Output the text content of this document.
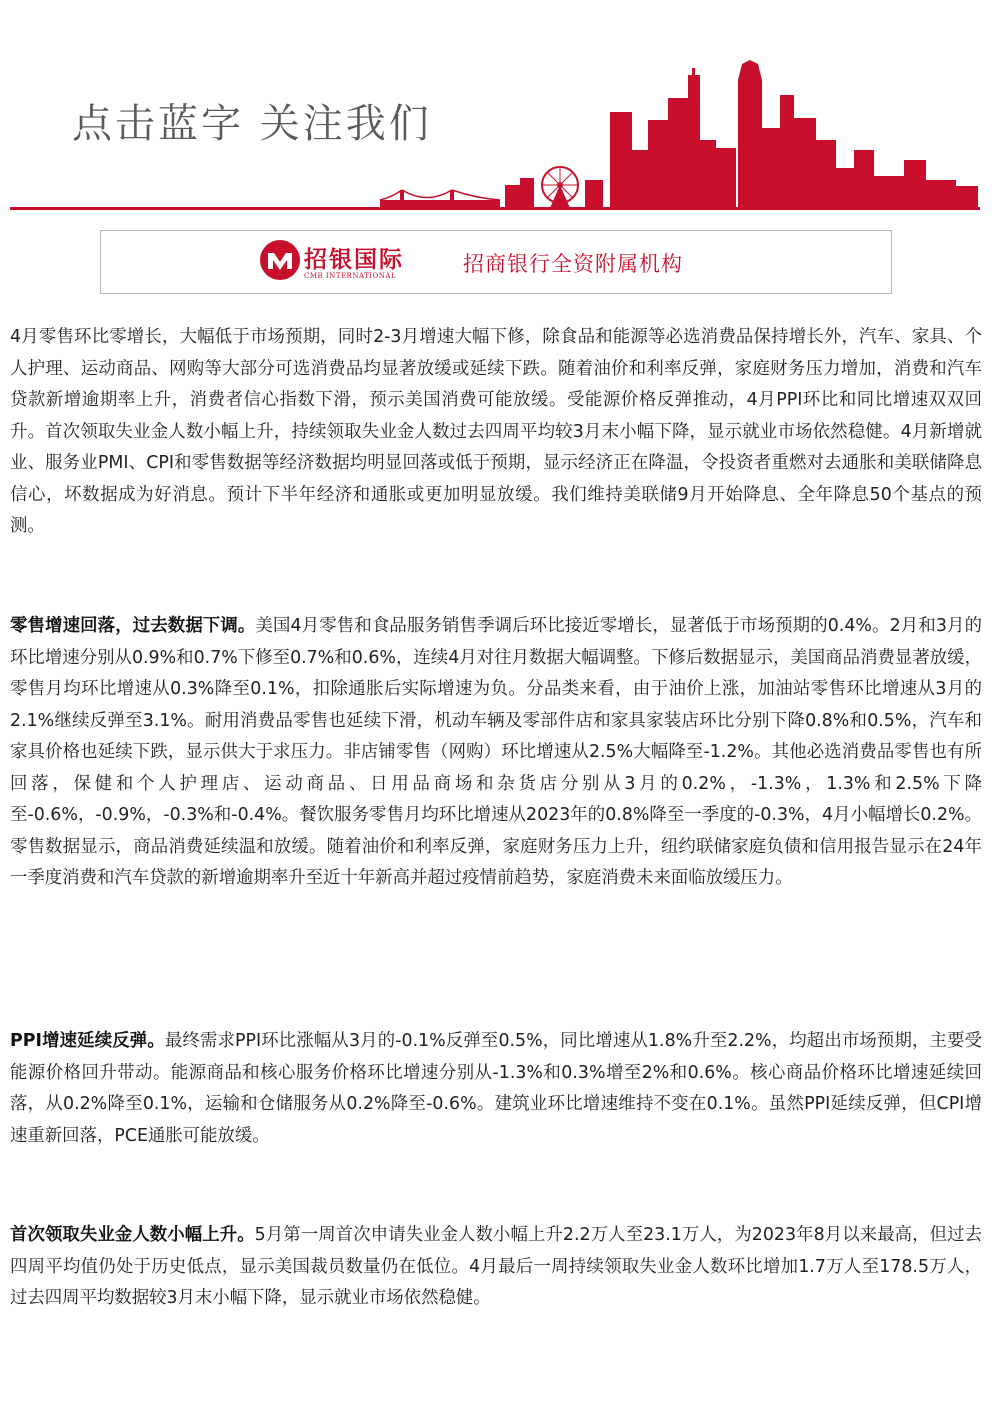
点击蓝字 关注我们
招银国际
CMB INTERNATIONAL	招商银行全资附属机构

4月零售环比零增长，大幅低于市场预期，同时2-3月增速大幅下修，除食品和能源等必选消费品保持增长外，汽车、家具、个人护理、运动商品、网购等大部分可选消费品均显著放缓或延续下跌。随着油价和利率反弹，家庭财务压力增加，消费和汽车贷款新增逾期率上升，消费者信心指数下滑，预示美国消费可能放缓。受能源价格反弹推动，4月PPI环比和同比增速双双回升。首次领取失业金人数小幅上升，持续领取失业金人数过去四周平均较3月末小幅下降，显示就业市场依然稳健。4月新增就业、服务业PMI、CPI和零售数据等经济数据均明显回落或低于预期，显示经济正在降温，令投资者重燃对去通胀和美联储降息信心，坏数据成为好消息。预计下半年经济和通胀或更加明显放缓。我们维持美联储9月开始降息、全年降息50个基点的预测。

零售增速回落，过去数据下调。美国4月零售和食品服务销售季调后环比接近零增长，显著低于市场预期的0.4%。2月和3月的环比增速分别从0.9%和0.7%下修至0.7%和0.6%，连续4月对往月数据大幅调整。下修后数据显示，美国商品消费显著放缓，零售月均环比增速从0.3%降至0.1%，扣除通胀后实际增速为负。分品类来看，由于油价上涨，加油站零售环比增速从3月的2.1%继续反弹至3.1%。耐用消费品零售也延续下滑，机动车辆及零部件店和家具家装店环比分别下降0.8%和0.5%，汽车和家具价格也延续下跌，显示供大于求压力。非店铺零售（网购）环比增速从2.5%大幅降至-1.2%。其他必选消费品零售也有所回落，保健和个人护理店、运动商品、日用品商场和杂货店分别从3月的0.2%，-1.3%，1.3%和2.5%下降至-0.6%，-0.9%，-0.3%和-0.4%。餐饮服务零售月均环比增速从2023年的0.8%降至一季度的-0.3%，4月小幅增长0.2%。零售数据显示，商品消费延续温和放缓。随着油价和利率反弹，家庭财务压力上升，纽约联储家庭负债和信用报告显示在24年一季度消费和汽车贷款的新增逾期率升至近十年新高并超过疫情前趋势，家庭消费未来面临放缓压力。

PPI增速延续反弹。最终需求PPI环比涨幅从3月的-0.1%反弹至0.5%，同比增速从1.8%升至2.2%，均超出市场预期，主要受能源价格回升带动。能源商品和核心服务价格环比增速分别从-1.3%和0.3%增至2%和0.6%。核心商品价格环比增速延续回落，从0.2%降至0.1%，运输和仓储服务从0.2%降至-0.6%。建筑业环比增速维持不变在0.1%。虽然PPI延续反弹，但CPI增速重新回落，PCE通胀可能放缓。

首次领取失业金人数小幅上升。5月第一周首次申请失业金人数小幅上升2.2万人至23.1万人，为2023年8月以来最高，但过去四周平均值仍处于历史低点，显示美国裁员数量仍在低位。4月最后一周持续领取失业金人数环比增加1.7万人至178.5万人，过去四周平均数据较3月末小幅下降，显示就业市场依然稳健。
